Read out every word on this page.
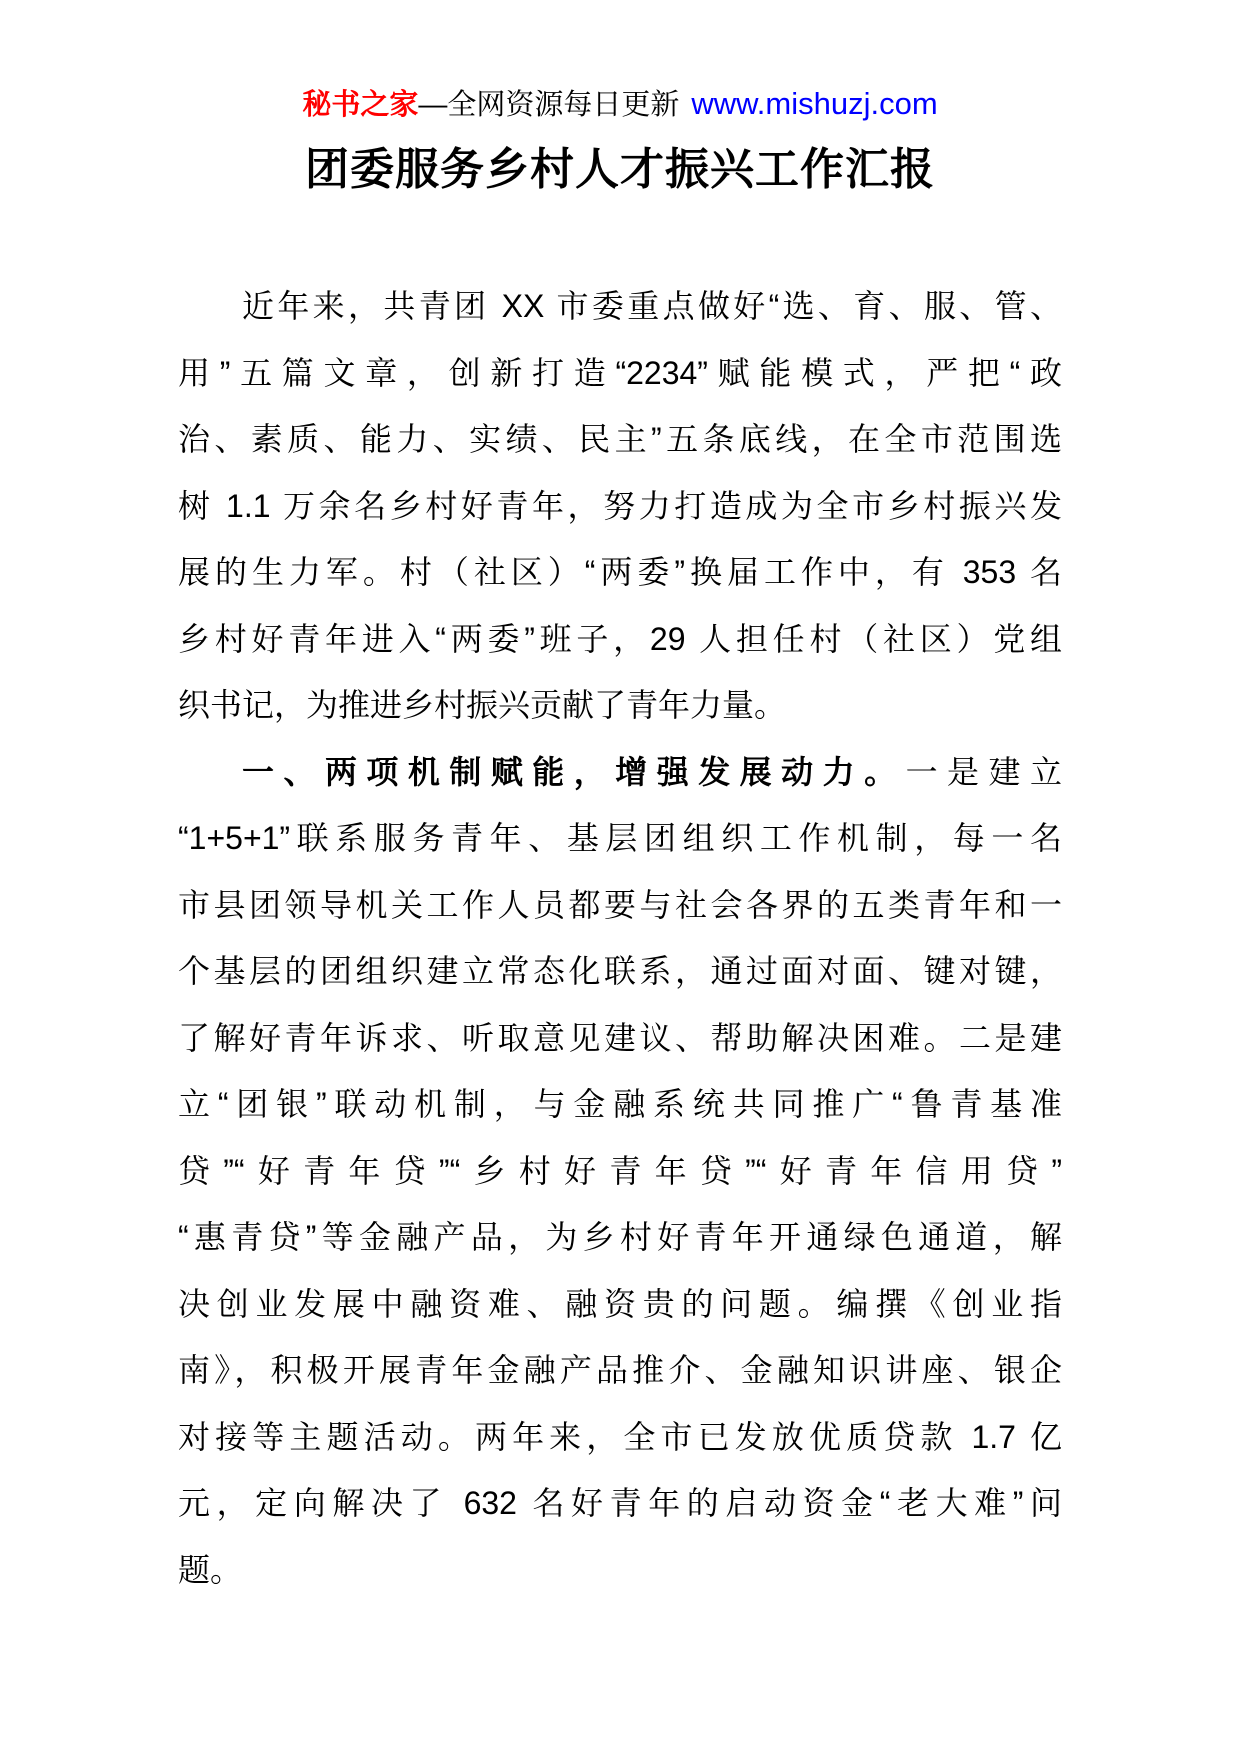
秘书之家—全网资源每日更新 www.mishuzj.com
团委服务乡村人才振兴工作汇报
近年来，共青团 XX 市委重点做好“选、育、服、管、
用”五篇文章，创新打造“2234”赋能模式，严把“政
治、素质、能力、实绩、民主”五条底线，在全市范围选
树 1.1 万余名乡村好青年，努力打造成为全市乡村振兴发
展的生力军。村（社区）“两委”换届工作中，有 353 名
乡村好青年进入“两委”班子，29 人担任村（社区）党组
织书记，为推进乡村振兴贡献了青年力量。
一、两项机制赋能，增强发展动力。一是建立
“1+5+1”联系服务青年、基层团组织工作机制，每一名
市县团领导机关工作人员都要与社会各界的五类青年和一
个基层的团组织建立常态化联系，通过面对面、键对键，
了解好青年诉求、听取意见建议、帮助解决困难。二是建
立“团银”联动机制，与金融系统共同推广“鲁青基准
贷”“好青年贷”“乡村好青年贷”“好青年信用贷”
“惠青贷”等金融产品，为乡村好青年开通绿色通道，解
决创业发展中融资难、融资贵的问题。编撰《创业指
南》，积极开展青年金融产品推介、金融知识讲座、银企
对接等主题活动。两年来，全市已发放优质贷款 1.7 亿
元，定向解决了 632 名好青年的启动资金“老大难”问
题。
